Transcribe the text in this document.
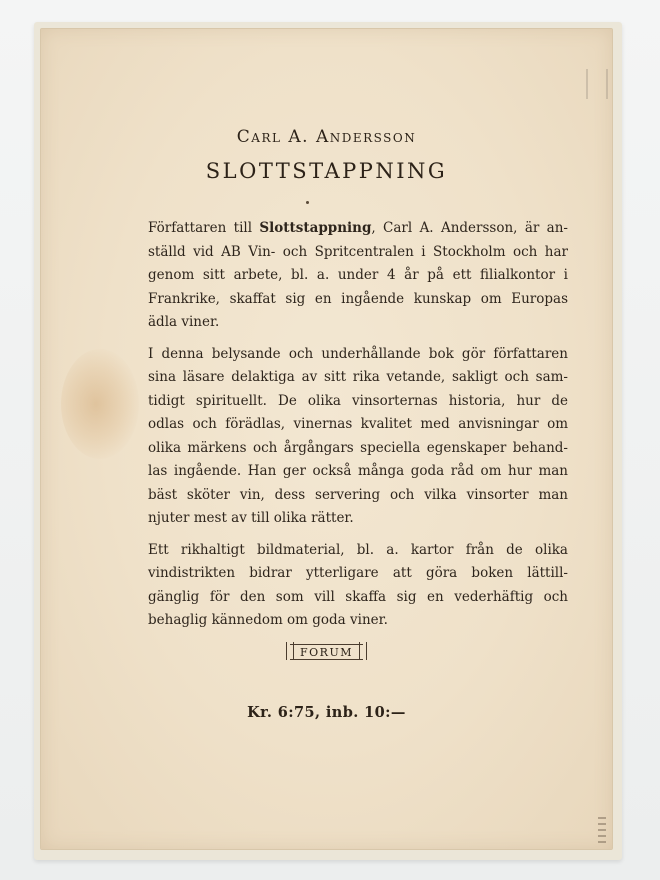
Carl A. Andersson
SLOTTSTAPPNING

Författaren till Slottstappning, Carl A. Andersson, är an-
ställd vid AB Vin- och Spritcentralen i Stockholm och har
genom sitt arbete, bl. a. under 4 år på ett filialkontor i
Frankrike, skaffat sig en ingående kunskap om Europas
ädla viner.

I denna belysande och underhållande bok gör författaren
sina läsare delaktiga av sitt rika vetande, sakligt och sam-
tidigt spirituellt. De olika vinsorternas historia, hur de
odlas och förädlas, vinernas kvalitet med anvisningar om
olika märkens och årgångars speciella egenskaper behand-
las ingående. Han ger också många goda råd om hur man
bäst sköter vin, dess servering och vilka vinsorter man
njuter mest av till olika rätter.

Ett rikhaltigt bildmaterial, bl. a. kartor från de olika
vindistrikten bidrar ytterligare att göra boken lättill-
gänglig för den som vill skaffa sig en vederhäftig och
behaglig kännedom om goda viner.

FORUM
Kr. 6:75, inb. 10:—
